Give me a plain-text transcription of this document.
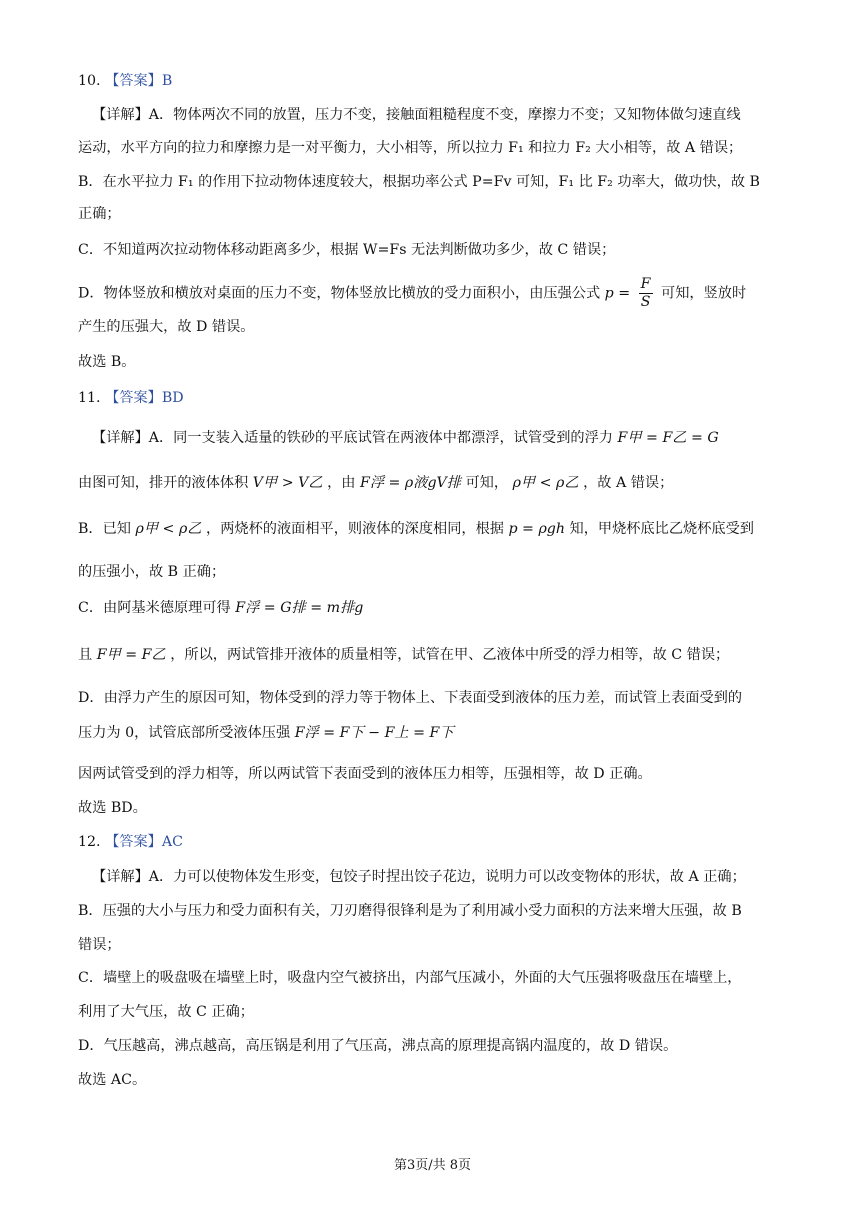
10. 【答案】B
【详解】A．物体两次不同的放置，压力不变，接触面粗糙程度不变，摩擦力不变；又知物体做匀速直线
运动，水平方向的拉力和摩擦力是一对平衡力，大小相等，所以拉力 F₁ 和拉力 F₂ 大小相等，故 A 错误；
B．在水平拉力 F₁ 的作用下拉动物体速度较大，根据功率公式 P=Fv 可知，F₁ 比 F₂ 功率大，做功快，故 B
正确；
C．不知道两次拉动物体移动距离多少，根据 W=Fs 无法判断做功多少，故 C 错误；
D．物体竖放和横放对桌面的压力不变，物体竖放比横放的受力面积小，由压强公式 $p = \frac{F}{S}$ 可知，竖放时
产生的压强大，故 D 错误。
故选 B。
11. 【答案】BD
【详解】A．同一支装入适量的铁砂的平底试管在两液体中都漂浮，试管受到的浮力 F甲 = F乙 = G
由图可知，排开的液体体积 V甲 > V乙 ，由 F浮 = ρ液gV排 可知， ρ甲 < ρ乙 ，故 A 错误；
B．已知 ρ甲 < ρ乙 ，两烧杯的液面相平，则液体的深度相同，根据 p = ρgh 知，甲烧杯底比乙烧杯底受到
的压强小，故 B 正确；
C．由阿基米德原理可得 F浮 = G排 = m排g
且 F甲 = F乙 ，所以，两试管排开液体的质量相等，试管在甲、乙液体中所受的浮力相等，故 C 错误；
D．由浮力产生的原因可知，物体受到的浮力等于物体上、下表面受到液体的压力差，而试管上表面受到的
压力为 0，试管底部所受液体压强 F浮 = F下 − F上 = F下
因两试管受到的浮力相等，所以两试管下表面受到的液体压力相等，压强相等，故 D 正确。
故选 BD。
12. 【答案】AC
【详解】A．力可以使物体发生形变，包饺子时捏出饺子花边，说明力可以改变物体的形状，故 A 正确；
B．压强的大小与压力和受力面积有关，刀刃磨得很锋利是为了利用减小受力面积的方法来增大压强，故 B
错误；
C．墙壁上的吸盘吸在墙壁上时，吸盘内空气被挤出，内部气压减小，外面的大气压强将吸盘压在墙壁上，
利用了大气压，故 C 正确；
D．气压越高，沸点越高，高压锅是利用了气压高，沸点高的原理提高锅内温度的，故 D 错误。
故选 AC。
第3页/共 8页
